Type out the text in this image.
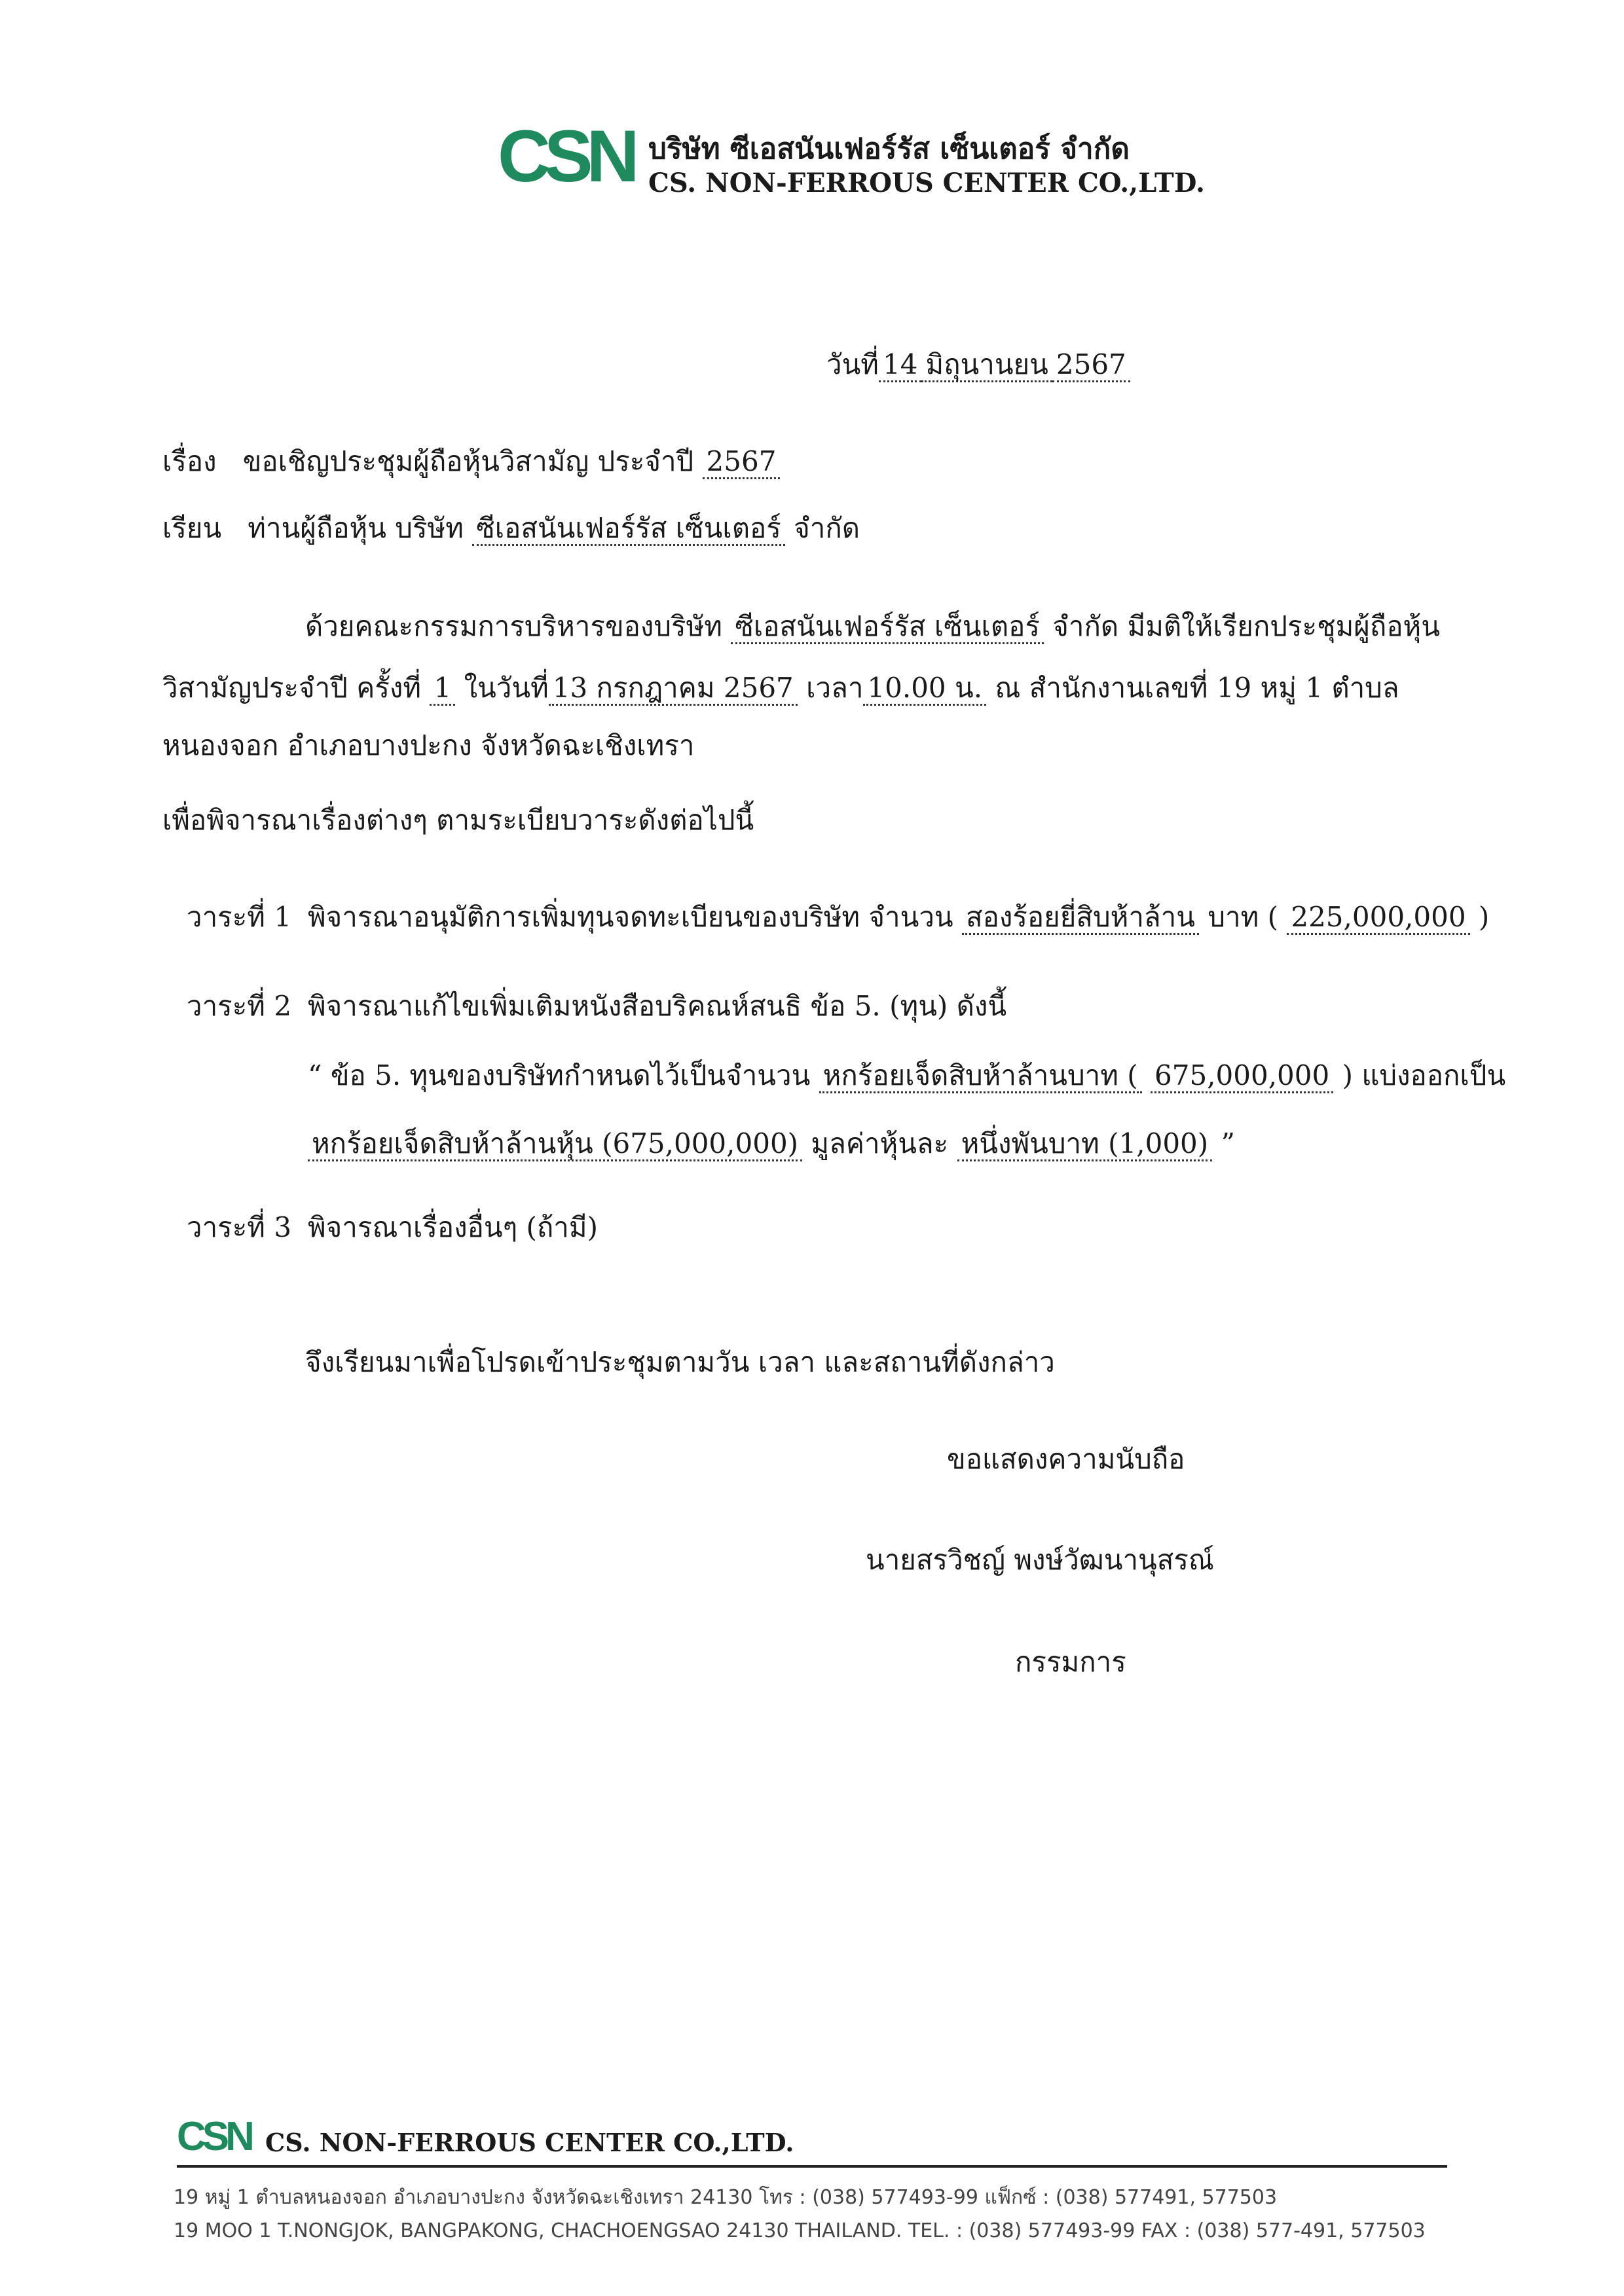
CSN บริษัท ซีเอสนันเฟอร์รัส เซ็นเตอร์ จำกัด
CS. NON-FERROUS CENTER CO.,LTD.
วันที่ 14 มิถุนานยน 2567
เรื่อง ขอเชิญประชุมผู้ถือหุ้นวิสามัญ ประจำปี 2567
เรียน ท่านผู้ถือหุ้น บริษัท ซีเอสนันเฟอร์รัส เซ็นเตอร์ จำกัด
ด้วยคณะกรรมการบริหารของบริษัท ซีเอสนันเฟอร์รัส เซ็นเตอร์ จำกัด มีมติให้เรียกประชุมผู้ถือหุ้น
วิสามัญประจำปี ครั้งที่ 1 ในวันที่ 13 กรกฎาคม 2567 เวลา 10.00 น. ณ สำนักงานเลขที่ 19 หมู่ 1 ตำบล
หนองจอก อำเภอบางปะกง จังหวัดฉะเชิงเทรา
เพื่อพิจารณาเรื่องต่างๆ ตามระเบียบวาระดังต่อไปนี้
วาระที่ 1 พิจารณาอนุมัติการเพิ่มทุนจดทะเบียนของบริษัท จำนวน สองร้อยยี่สิบห้าล้าน บาท ( 225,000,000 )
วาระที่ 2 พิจารณาแก้ไขเพิ่มเติมหนังสือบริคณห์สนธิ ข้อ 5. (ทุน) ดังนี้
“ ข้อ 5. ทุนของบริษัทกำหนดไว้เป็นจำนวน หกร้อยเจ็ดสิบห้าล้านบาท ( 675,000,000 ) แบ่งออกเป็น
หกร้อยเจ็ดสิบห้าล้านหุ้น (675,000,000) มูลค่าหุ้นละ หนึ่งพันบาท (1,000) ”
วาระที่ 3 พิจารณาเรื่องอื่นๆ (ถ้ามี)
จึงเรียนมาเพื่อโปรดเข้าประชุมตามวัน เวลา และสถานที่ดังกล่าว
ขอแสดงความนับถือ
นายสรวิชญ์ พงษ์วัฒนานุสรณ์
กรรมการ
CSN CS. NON-FERROUS CENTER CO.,LTD.
19 หมู่ 1 ตำบลหนองจอก อำเภอบางปะกง จังหวัดฉะเชิงเทรา 24130 โทร : (038) 577493-99 แฟ็กซ์ : (038) 577491, 577503
19 MOO 1 T.NONGJOK, BANGPAKONG, CHACHOENGSAO 24130 THAILAND. TEL. : (038) 577493-99 FAX : (038) 577-491, 577503
